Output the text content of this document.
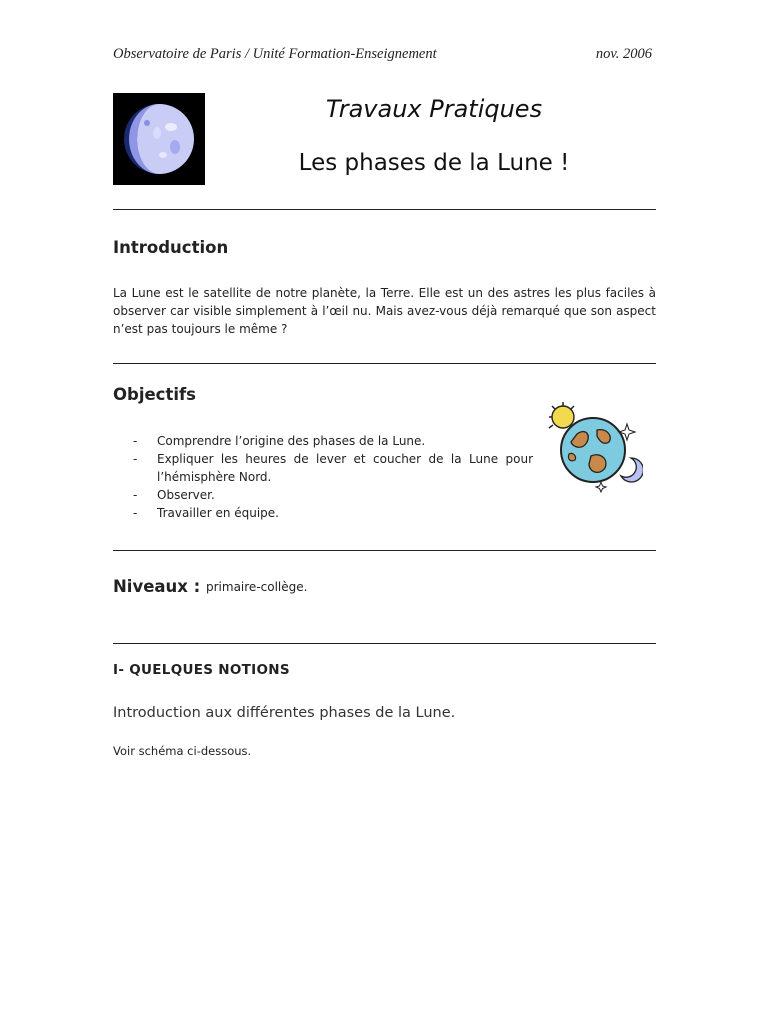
Observatoire de Paris / Unité Formation-Enseignement	nov. 2006
Travaux Pratiques
Les phases de la Lune !
Introduction
La Lune est le satellite de notre planète, la Terre. Elle est un des astres les plus faciles à
observer car visible simplement à l’œil nu. Mais avez-vous déjà remarqué que son aspect
n’est pas toujours le même ?
Objectifs
- Comprendre l’origine des phases de la Lune.
- Expliquer les heures de lever et coucher de la Lune pour l’hémisphère Nord.
- Observer.
- Travailler en équipe.
Niveaux : primaire-collège.
I- QUELQUES NOTIONS
Introduction aux différentes phases de la Lune.
Voir schéma ci-dessous.
